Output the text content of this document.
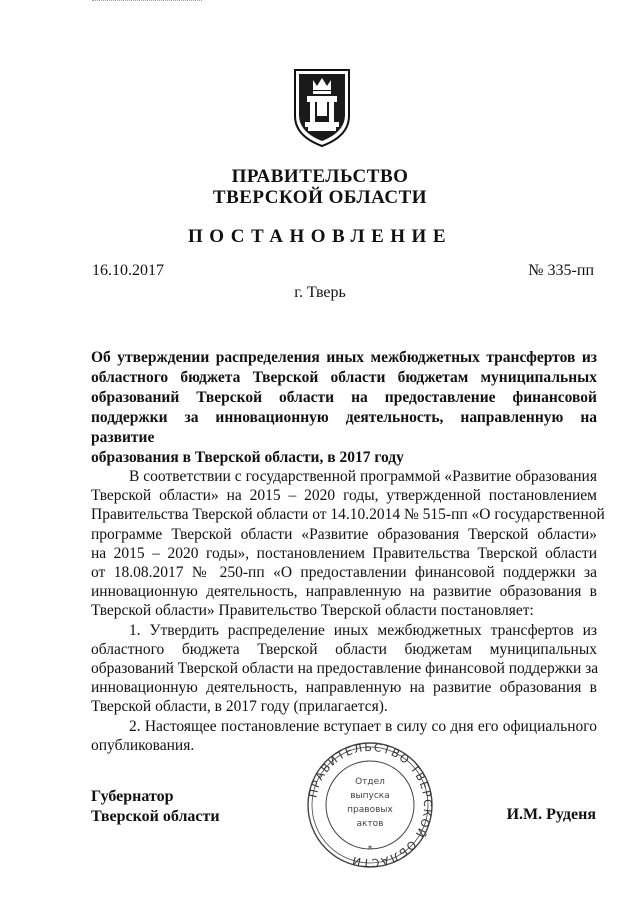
ПРАВИТЕЛЬСТВО
ТВЕРСКОЙ ОБЛАСТИ
ПОСТАНОВЛЕНИЕ
16.10.2017	№ 335-пп
г. Тверь
Об утверждении распределения иных межбюджетных трансфертов из
областного бюджета Тверской области бюджетам муниципальных
образований Тверской области на предоставление финансовой
поддержки за инновационную деятельность, направленную на развитие
образования в Тверской области, в 2017 году
В соответствии с государственной программой «Развитие образования
Тверской области» на 2015 – 2020 годы, утвержденной постановлением
Правительства Тверской области от 14.10.2014 № 515-пп «О государственной
программе Тверской области «Развитие образования Тверской области»
на 2015 – 2020 годы», постановлением Правительства Тверской области
от 18.08.2017 № 250-пп «О предоставлении финансовой поддержки за
инновационную деятельность, направленную на развитие образования в
Тверской области» Правительство Тверской области постановляет:
1. Утвердить распределение иных межбюджетных трансфертов из
областного бюджета Тверской области бюджетам муниципальных
образований Тверской области на предоставление финансовой поддержки за
инновационную деятельность, направленную на развитие образования в
Тверской области, в 2017 году (прилагается).
2. Настоящее постановление вступает в силу со дня его официального
опубликования.
Губернатор
Тверской области
ПРАВИТЕЛЬСТВО ТВЕРСКОЙ ОБЛАСТИ
Отдел
выпуска
правовых
актов
*
И.М. Руденя
